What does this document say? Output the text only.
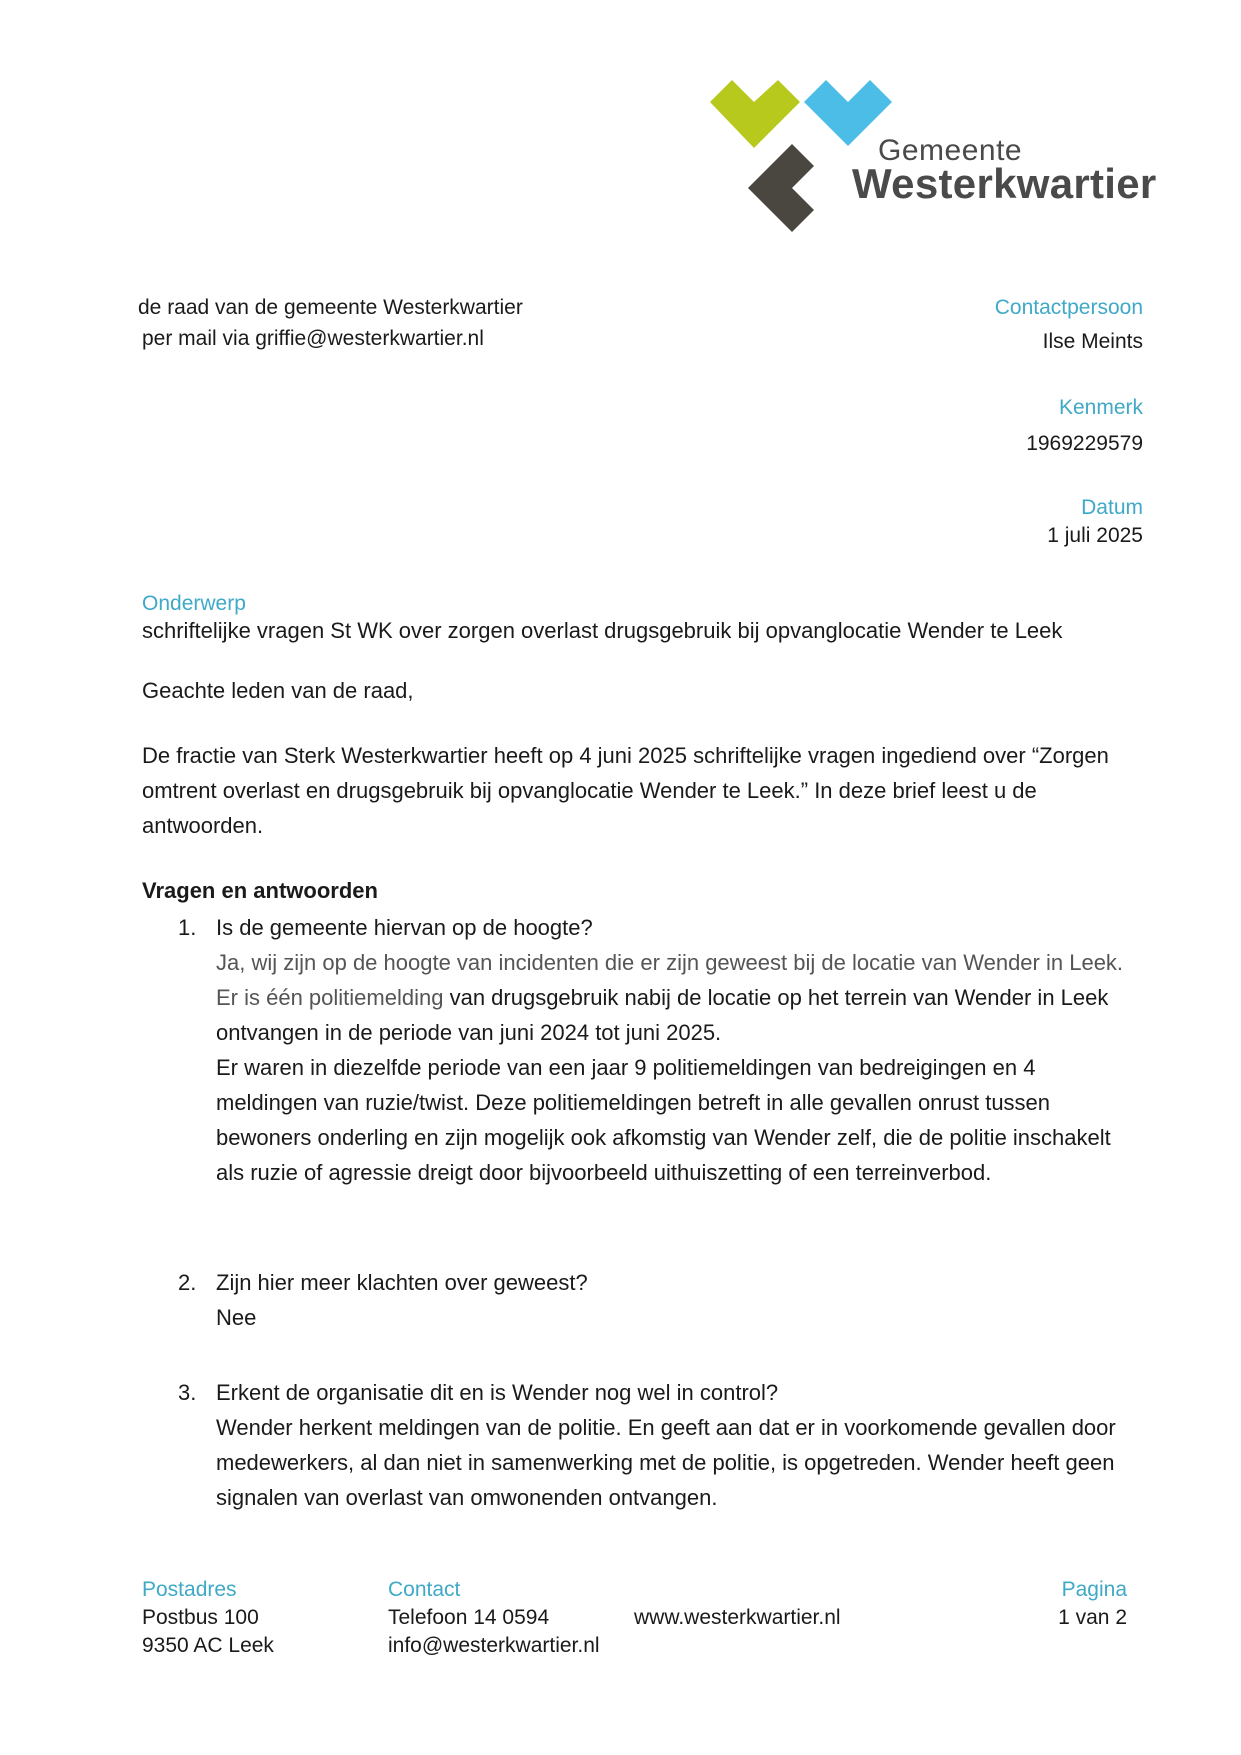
Gemeente
Westerkwartier
de raad van de gemeente Westerkwartier
per mail via griffie@westerkwartier.nl
Contactpersoon
Ilse Meints
Kenmerk
1969229579
Datum
1 juli 2025
Onderwerp
schriftelijke vragen St WK over zorgen overlast drugsgebruik bij opvanglocatie Wender te Leek
Geachte leden van de raad,
De fractie van Sterk Westerkwartier heeft op 4 juni 2025 schriftelijke vragen ingediend over “Zorgen omtrent overlast en drugsgebruik bij opvanglocatie Wender te Leek.” In deze brief leest u de antwoorden.
Vragen en antwoorden
1. Is de gemeente hiervan op de hoogte?
Ja, wij zijn op de hoogte van incidenten die er zijn geweest bij de locatie van Wender in Leek. Er is één politiemelding van drugsgebruik nabij de locatie op het terrein van Wender in Leek ontvangen in de periode van juni 2024 tot juni 2025.
Er waren in diezelfde periode van een jaar 9 politiemeldingen van bedreigingen en 4 meldingen van ruzie/twist. Deze politiemeldingen betreft in alle gevallen onrust tussen bewoners onderling en zijn mogelijk ook afkomstig van Wender zelf, die de politie inschakelt als ruzie of agressie dreigt door bijvoorbeeld uithuiszetting of een terreinverbod.
2. Zijn hier meer klachten over geweest?
Nee
3. Erkent de organisatie dit en is Wender nog wel in control?
Wender herkent meldingen van de politie. En geeft aan dat er in voorkomende gevallen door medewerkers, al dan niet in samenwerking met de politie, is opgetreden. Wender heeft geen signalen van overlast van omwonenden ontvangen.
Postadres
Postbus 100
9350 AC Leek
Contact
Telefoon 14 0594
info@westerkwartier.nl
www.westerkwartier.nl
Pagina
1 van 2
